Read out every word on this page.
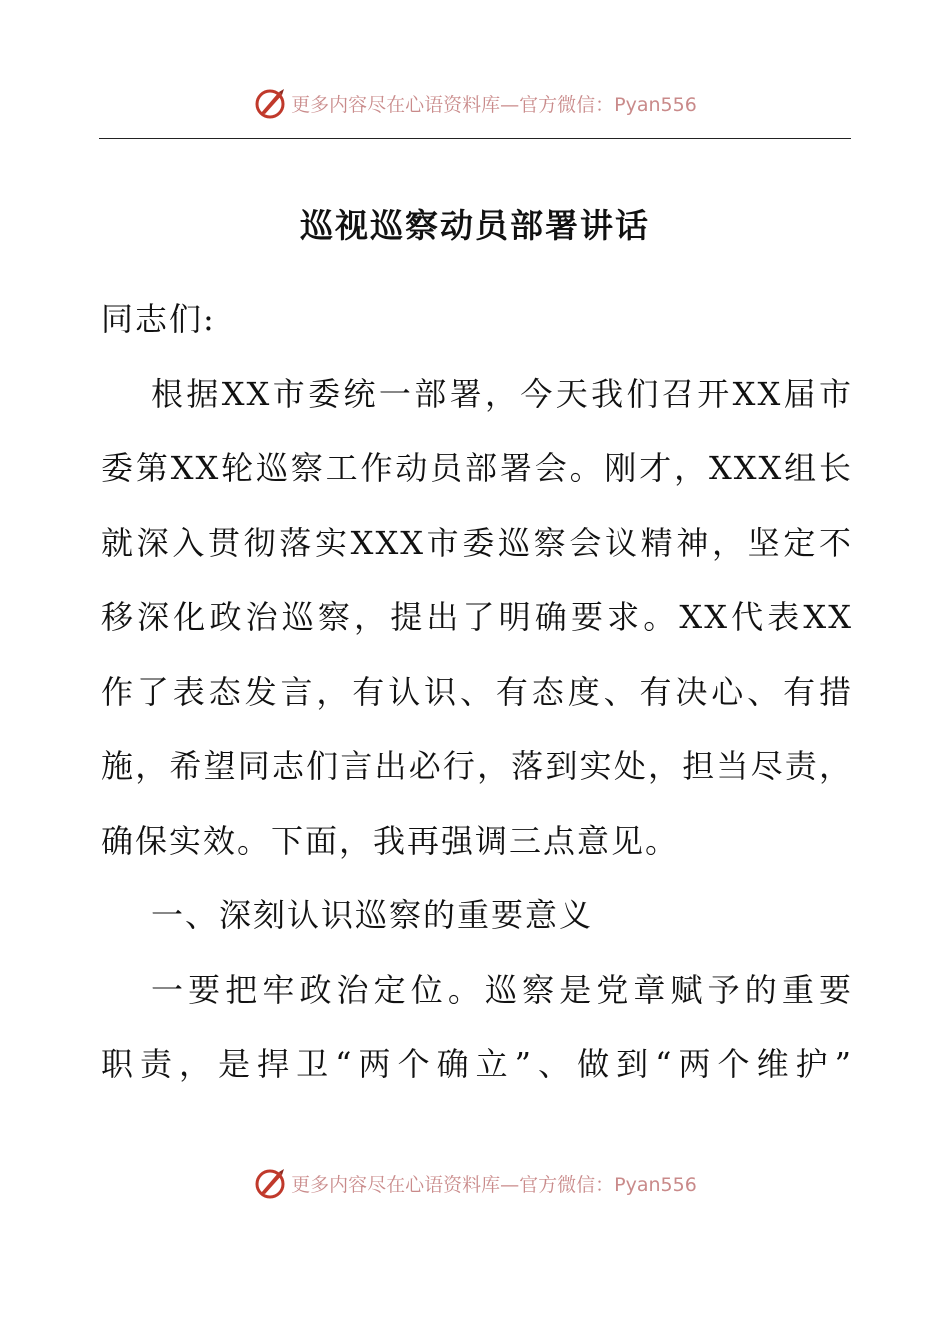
更多内容尽在心语资料库—官方微信：Pyan556
巡视巡察动员部署讲话
同志们:
根据XX市委统一部署，今天我们召开XX届市
委第XX轮巡察工作动员部署会。刚才，XXX组长
就深入贯彻落实XXX市委巡察会议精神，坚定不
移深化政治巡察，提出了明确要求。XX代表XX
作了表态发言，有认识、有态度、有决心、有措
施，希望同志们言出必行，落到实处，担当尽责，
确保实效。下面，我再强调三点意见。
一、深刻认识巡察的重要意义
一要把牢政治定位。巡察是党章赋予的重要
职责，是捍卫“两个确立”、做到“两个维护”
更多内容尽在心语资料库—官方微信：Pyan556
